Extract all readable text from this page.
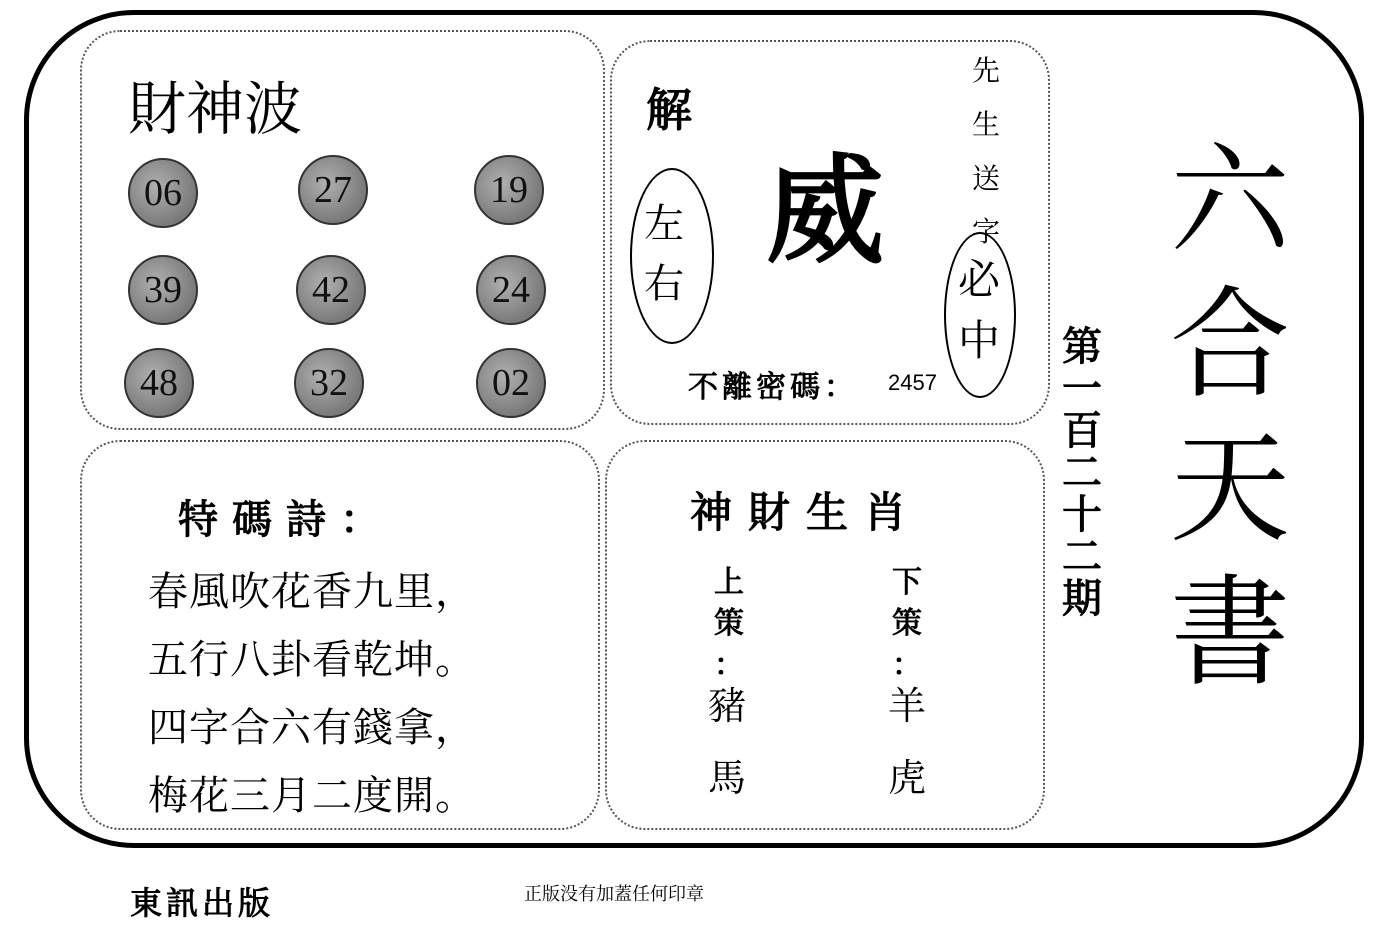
財神波
06	27	19
39	42	24
48	32	02
解
左
右
威
先
生
送
字
必
中
不離密碼： 2457
特碼詩：
春風吹花香九里，
五行八卦看乾坤。
四字合六有錢拿，
梅花三月二度開。
神財生肖
上
策
：
豬
馬
下
策
：
羊
虎
第
一
百
二
十
二
期
六
合
天
書
東訊出版	正版没有加蓋任何印章
